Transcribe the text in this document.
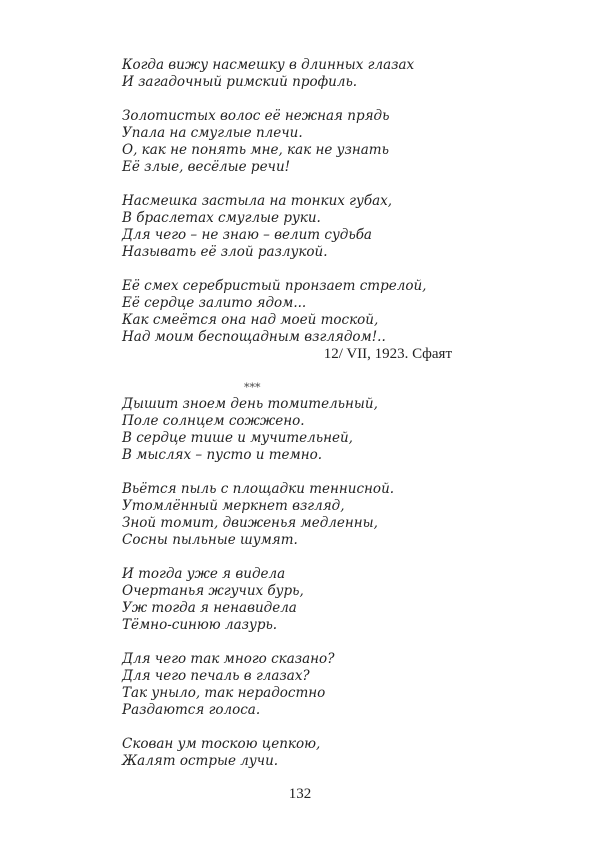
Когда вижу насмешку в длинных глазах
И загадочный римский профиль.
Золотистых волос её нежная прядь
Упала на смуглые плечи.
О, как не понять мне, как не узнать
Её злые, весёлые речи!
Насмешка застыла на тонких губах,
В браслетах смуглые руки.
Для чего – не знаю – велит судьба
Называть её злой разлукой.
Её смех серебристый пронзает стрелой,
Её сердце залито ядом...
Как смеётся она над моей тоской,
Над моим беспощадным взглядом!..
12/ VII, 1923. Сфаят
***
Дышит зноем день томительный,
Поле солнцем сожжено.
В сердце тише и мучительней,
В мыслях – пусто и темно.
Вьётся пыль с площадки теннисной.
Утомлённый меркнет взгляд,
Зной томит, движенья медленны,
Сосны пыльные шумят.
И тогда уже я видела
Очертанья жгучих бурь,
Уж тогда я ненавидела
Тёмно-синюю лазурь.
Для чего так много сказано?
Для чего печаль в глазах?
Так уныло, так нерадостно
Раздаются голоса.
Скован ум тоскою цепкою,
Жалят острые лучи.
132
